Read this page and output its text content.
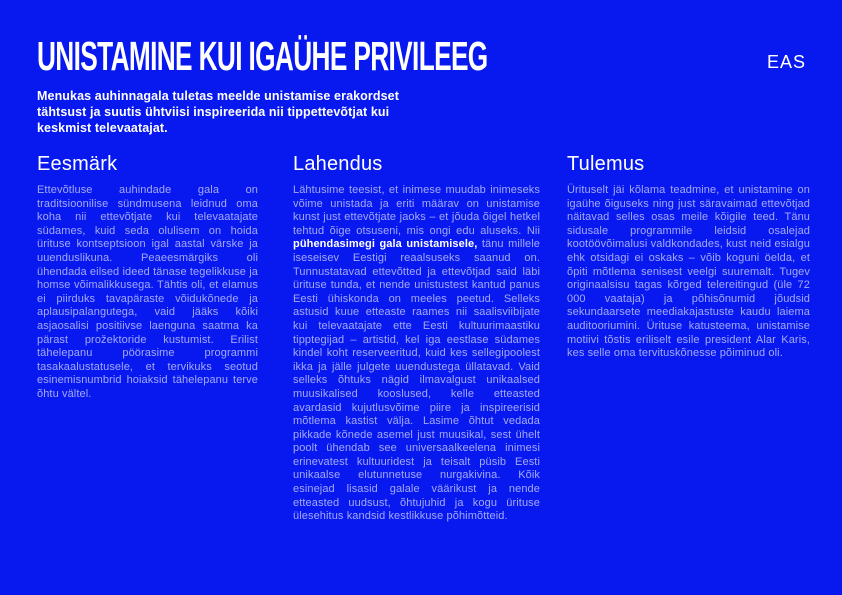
UNISTAMINE KUI IGAÜHE PRIVILEEG	EAS
Menukas auhinnagala tuletas meelde unistamise erakordset tähtsust ja suutis ühtviisi inspireerida nii tippettevõtjat kui keskmist televaatajat.
Eesmärk

Ettevõtluse auhindade gala on traditsioonilise sündmusena leidnud oma koha nii ettevõtjate kui televaatajate südames, kuid seda olulisem on hoida ürituse kontseptsioon igal aastal värske ja uuenduslikuna. Peaeesmärgiks oli ühendada eilsed ideed tänase tegelikkuse ja homse võimalikkusega. Tähtis oli, et elamus ei piirduks tavapäraste võidukõnede ja aplausipalangutega, vaid jääks kõiki asjaosalisi positiivse laenguna saatma ka pärast prožektoride kustumist. Erilist tähelepanu pöörasime programmi tasakaalustatusele, et tervikuks seotud esinemisnumbrid hoiaksid tähelepanu terve õhtu vältel.

Lahendus

Lähtusime teesist, et inimese muudab inimeseks võime unistada ja eriti määrav on unistamise kunst just ettevõtjate jaoks – et jõuda õigel hetkel tehtud õige otsuseni, mis ongi edu aluseks. Nii pühendasimegi gala unistamisele, tänu millele iseseisev Eestigi reaalsuseks saanud on. Tunnustatavad ettevõtted ja ettevõtjad said läbi ürituse tunda, et nende unistustest kantud panus Eesti ühiskonda on meeles peetud. Selleks astusid kuue etteaste raames nii saalisviibijate kui televaatajate ette Eesti kultuurimaastiku tipptegijad – artistid, kel iga eestlase südames kindel koht reserveeritud, kuid kes sellegipoolest ikka ja jälle julgete uuendustega üllatavad. Vaid selleks õhtuks nägid ilmavalgust unikaalsed muusikalised kooslused, kelle etteasted avardasid kujutlusvõime piire ja inspireerisid mõtlema kastist välja. Lasime õhtut vedada pikkade kõnede asemel just muusikal, sest ühelt poolt ühendab see universaalkeelena inimesi erinevatest kultuuridest ja teisalt püsib Eesti unikaalse elutunnetuse nurgakivina. Kõik esinejad lisasid galale väärikust ja nende etteasted uudsust, õhtujuhid ja kogu ürituse ülesehitus kandsid kestlikkuse põhimõtteid.

Tulemus

Ürituselt jäi kõlama teadmine, et unistamine on igaühe õiguseks ning just säravaimad ettevõtjad näitavad selles osas meile kõigile teed. Tänu sidusale programmile leidsid osalejad kootöövõimalusi valdkondades, kust neid esialgu ehk otsidagi ei oskaks – võib koguni öelda, et õpiti mõtlema senisest veelgi suuremalt. Tugev originaalsisu tagas kõrged telereitingud (üle 72 000 vaataja) ja põhisõnumid jõudsid sekundaarsete meediakajastuste kaudu laiema auditooriumini. Ürituse katusteema, unistamise motiivi tõstis eriliselt esile president Alar Karis, kes selle oma tervituskõnesse põiminud oli.
